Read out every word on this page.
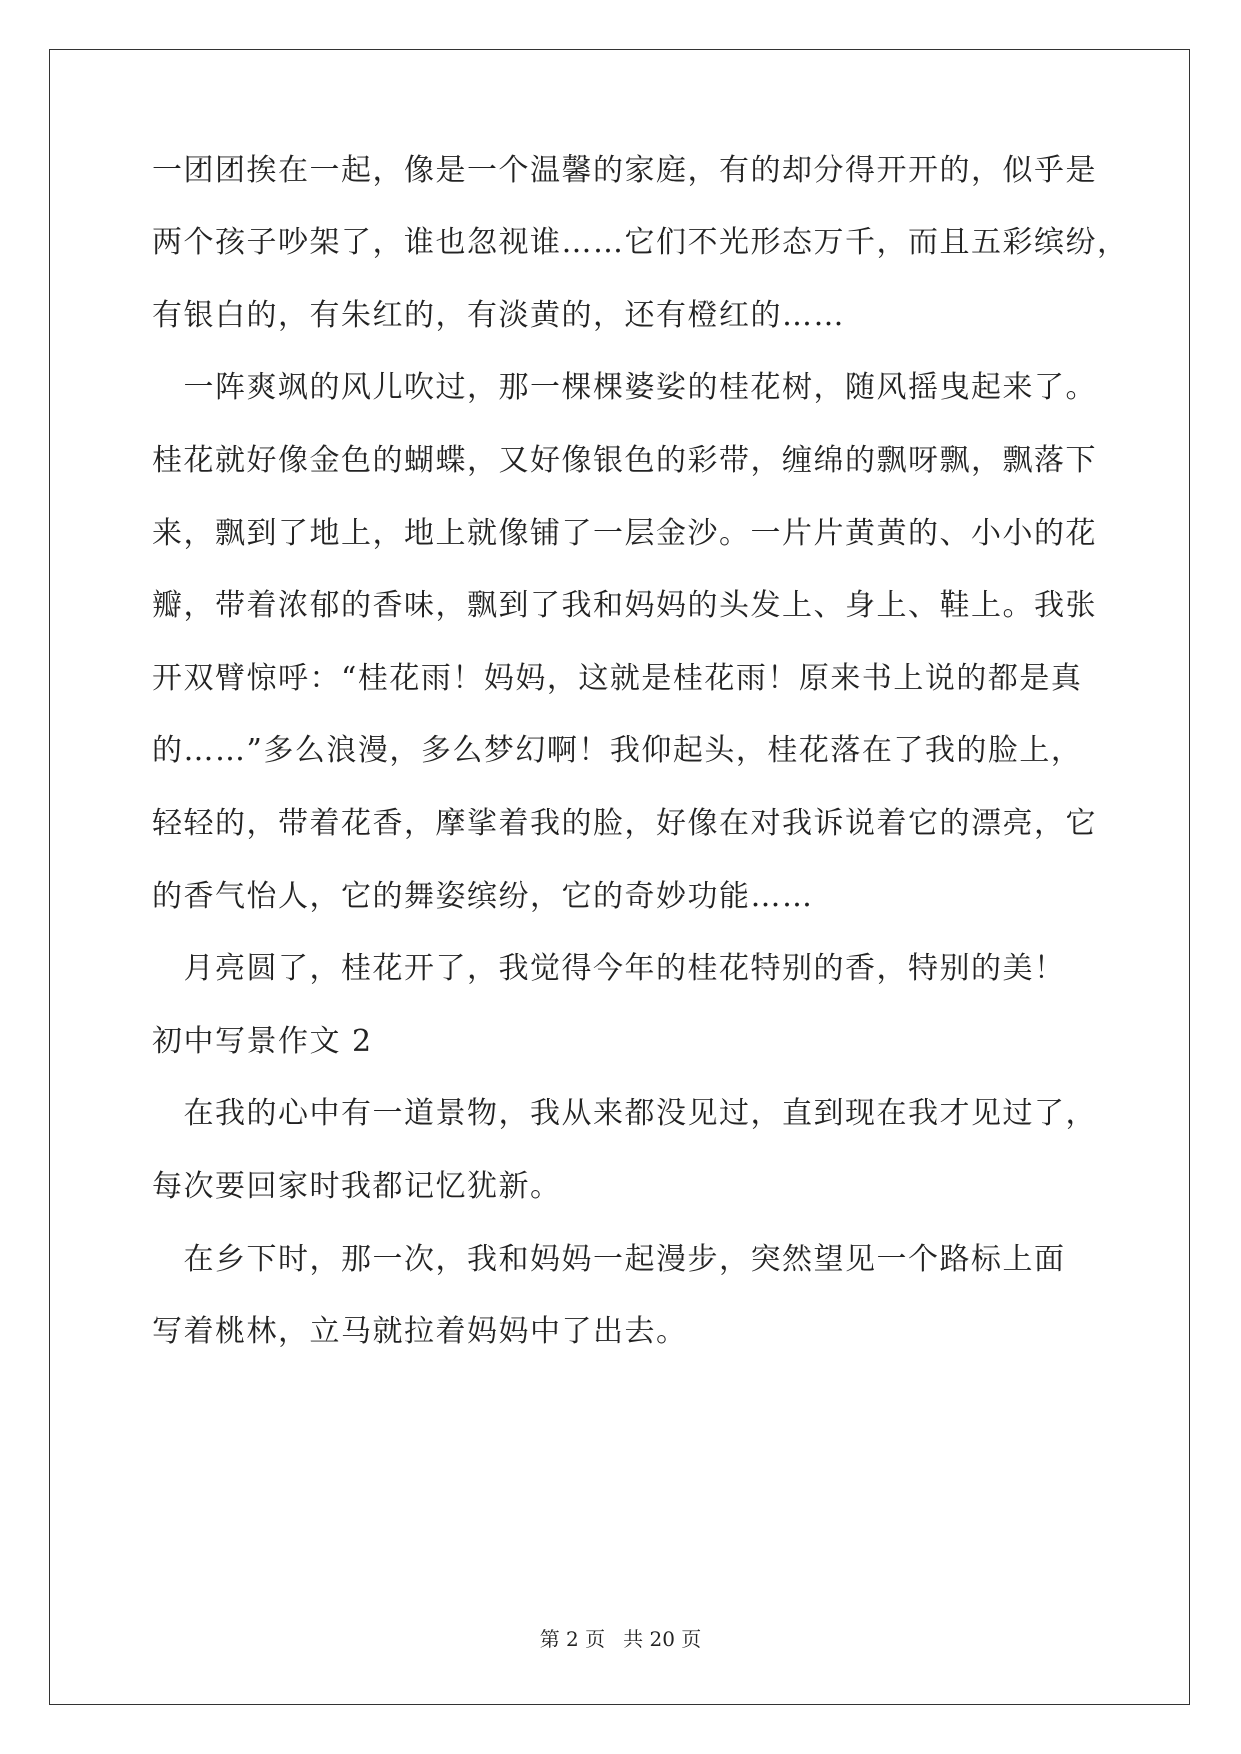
一团团挨在一起，像是一个温馨的家庭，有的却分得开开的，似乎是
两个孩子吵架了，谁也忽视谁……它们不光形态万千，而且五彩缤纷，
有银白的，有朱红的，有淡黄的，还有橙红的……
　一阵爽飒的风儿吹过，那一棵棵婆娑的桂花树，随风摇曳起来了。
桂花就好像金色的蝴蝶，又好像银色的彩带，缠绵的飘呀飘，飘落下
来，飘到了地上，地上就像铺了一层金沙。一片片黄黄的、小小的花
瓣，带着浓郁的香味，飘到了我和妈妈的头发上、身上、鞋上。我张
开双臂惊呼：“桂花雨！妈妈，这就是桂花雨！原来书上说的都是真
的……”多么浪漫，多么梦幻啊！我仰起头，桂花落在了我的脸上，
轻轻的，带着花香，摩挲着我的脸，好像在对我诉说着它的漂亮，它
的香气怡人，它的舞姿缤纷，它的奇妙功能……
　月亮圆了，桂花开了，我觉得今年的桂花特别的香，特别的美！
初中写景作文 2
　在我的心中有一道景物，我从来都没见过，直到现在我才见过了，
每次要回家时我都记忆犹新。
　在乡下时，那一次，我和妈妈一起漫步，突然望见一个路标上面
写着桃林，立马就拉着妈妈中了出去。
第 2 页 共 20 页
